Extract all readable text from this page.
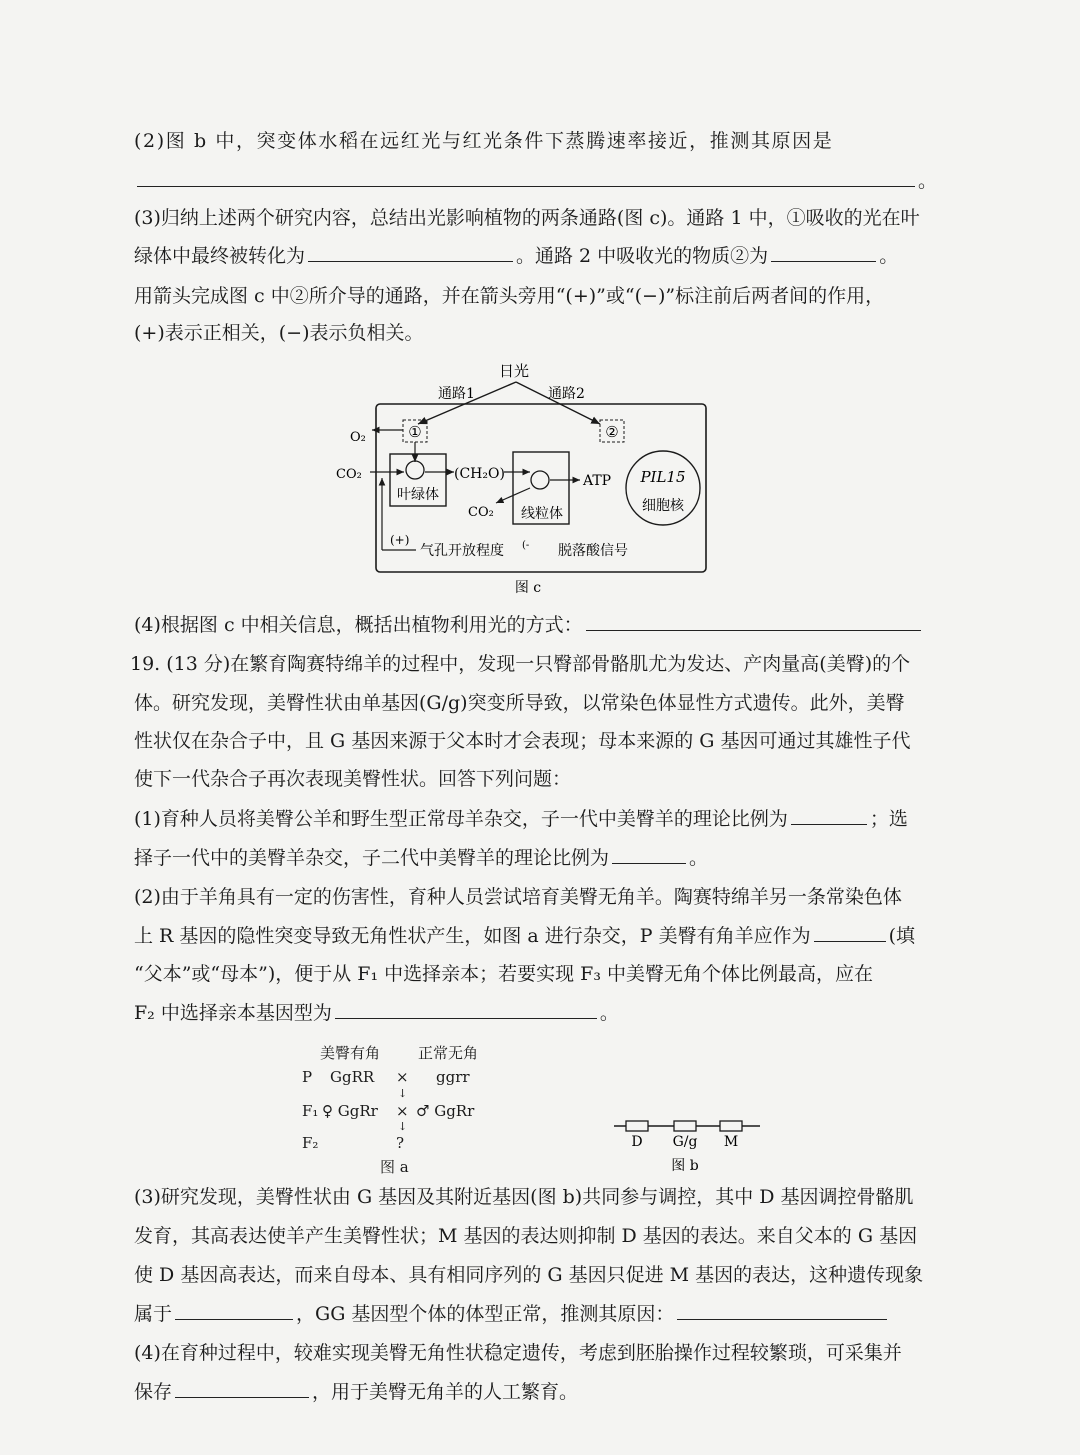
(2)图 b 中，突变体水稻在远红光与红光条件下蒸腾速率接近，推测其原因是
。
(3)归纳上述两个研究内容，总结出光影响植物的两条通路(图 c)。通路 1 中，①吸收的光在叶
绿体中最终被转化为	。通路 2 中吸收光的物质②为	。
用箭头完成图 c 中②所介导的通路，并在箭头旁用“(+)”或“(−)”标注前后两者间的作用，
(+)表示正相关，(−)表示负相关。
日光
通路1	通路2
①	②
O₂
叶绿体
CO₂	(CH₂O)
线粒体
ATP
CO₂
PIL15
细胞核
(+)
气孔开放程度 (- 脱落酸信号
图 c
(4)根据图 c 中相关信息，概括出植物利用光的方式：
19. (13 分)在繁育陶赛特绵羊的过程中，发现一只臀部骨骼肌尤为发达、产肉量高(美臀)的个
体。研究发现，美臀性状由单基因(G/g)突变所导致，以常染色体显性方式遗传。此外，美臀
性状仅在杂合子中，且 G 基因来源于父本时才会表现；母本来源的 G 基因可通过其雄性子代
使下一代杂合子再次表现美臀性状。回答下列问题：
(1)育种人员将美臀公羊和野生型正常母羊杂交，子一代中美臀羊的理论比例为	；选
择子一代中的美臀羊杂交，子二代中美臀羊的理论比例为	。
(2)由于羊角具有一定的伤害性，育种人员尝试培育美臀无角羊。陶赛特绵羊另一条常染色体
上 R 基因的隐性突变导致无角性状产生，如图 a 进行杂交，P 美臀有角羊应作为	(填
“父本”或“母本”)，便于从 F₁ 中选择亲本；若要实现 F₃ 中美臀无角个体比例最高，应在
F₂ 中选择亲本基因型为	。
美臀有角	正常无角
P GgRR × ggrr
↓
F₁ ♀ GgRr × ♂ GgRr
↓
F₂	?
图 a
D G/g M
图 b
(3)研究发现，美臀性状由 G 基因及其附近基因(图 b)共同参与调控，其中 D 基因调控骨骼肌
发育，其高表达使羊产生美臀性状；M 基因的表达则抑制 D 基因的表达。来自父本的 G 基因
使 D 基因高表达，而来自母本、具有相同序列的 G 基因只促进 M 基因的表达，这种遗传现象
属于	，GG 基因型个体的体型正常，推测其原因：
(4)在育种过程中，较难实现美臀无角性状稳定遗传，考虑到胚胎操作过程较繁琐，可采集并
保存	，用于美臀无角羊的人工繁育。
